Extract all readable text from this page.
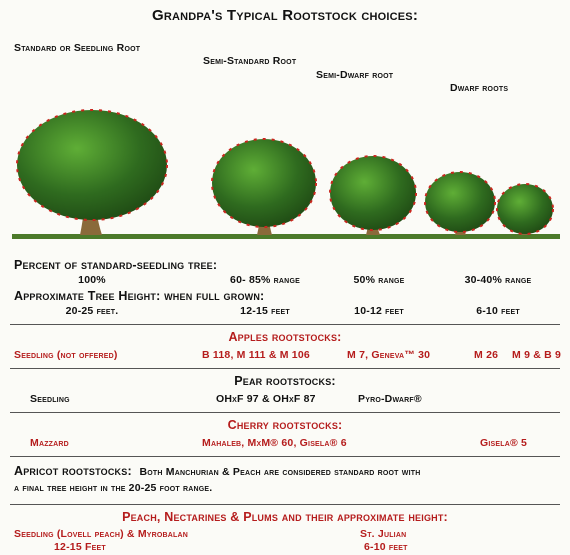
Grandpa's Typical Rootstock choices:
Standard or Seedling Root
Semi-Standard Root
Semi-Dwarf root
Dwarf roots
Percent of standard-seedling tree:
100%	60- 85% range	50% range	30-40% range
Approximate Tree Height: when full grown:
20-25 feet.	12-15 feet	10-12 feet	6-10 feet
Apples rootstocks:
Seedling (not offered)	B 118, M 111 & M 106	M 7, Geneva™ 30	M 26 M 9 & B 9
Pear rootstocks:
Seedling	OHxF 97 & OHxF 87	Pyro-Dwarf®
Cherry rootstocks:
Mazzard	Mahaleb, MxM® 60, Gisela® 6	Gisela® 5
Apricot rootstocks: Both Manchurian & Peach are considered standard root with
a final tree height in the 20-25 foot range.
Peach, Nectarines & Plums and their approximate height:
Seedling (Lovell peach) & Myrobalan
12-15 Feet
St. Julian
6-10 feet
